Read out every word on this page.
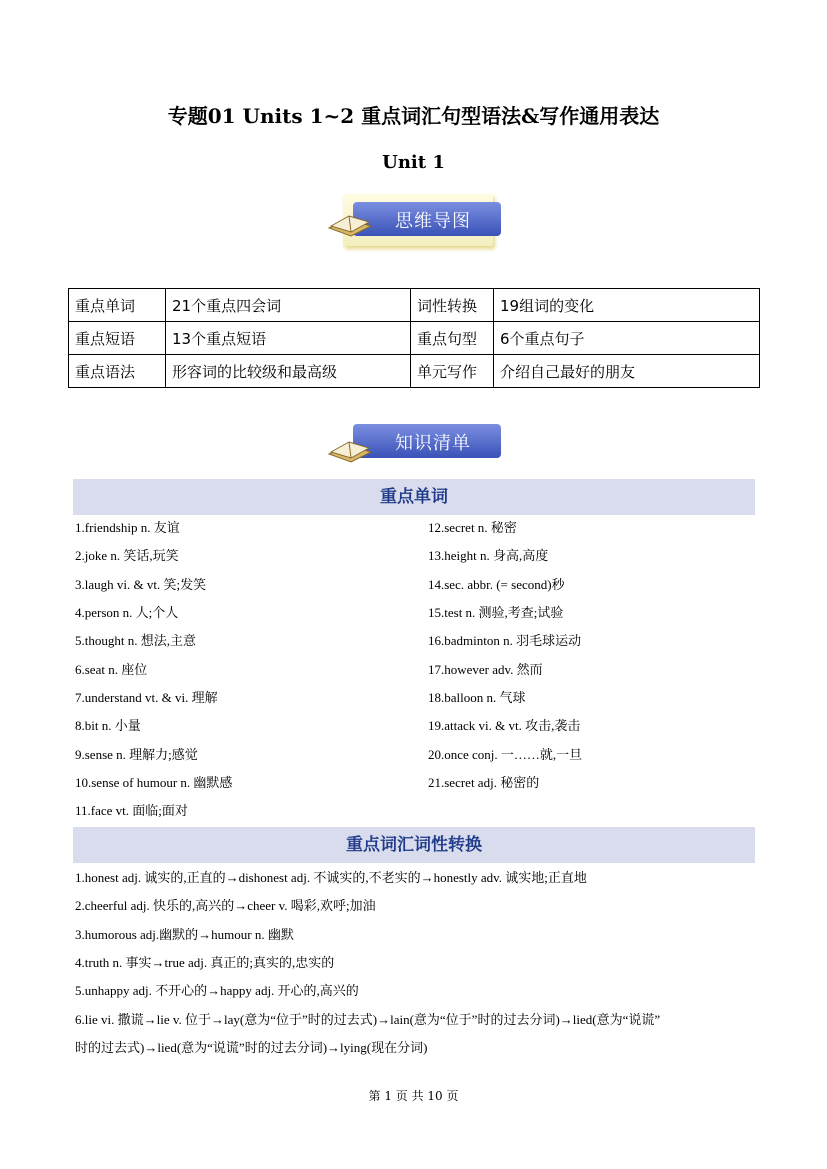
专题01 Units 1~2 重点词汇句型语法&写作通用表达
Unit 1
思维导图
重点单词	21个重点四会词	词性转换	19组词的变化
重点短语	13个重点短语	重点句型	6个重点句子
重点语法	形容词的比较级和最高级	单元写作	介绍自己最好的朋友
知识清单
重点单词
1.friendship n. 友谊
2.joke n. 笑话,玩笑
3.laugh vi. & vt. 笑;发笑
4.person n. 人;个人
5.thought n. 想法,主意
6.seat n. 座位
7.understand vt. & vi. 理解
8.bit n. 小量
9.sense n. 理解力;感觉
10.sense of humour n. 幽默感
11.face vt. 面临;面对
12.secret n. 秘密
13.height n. 身高,高度
14.sec. abbr. (= second)秒
15.test n. 测验,考查;试验
16.badminton n. 羽毛球运动
17.however adv. 然而
18.balloon n. 气球
19.attack vi. & vt. 攻击,袭击
20.once conj. 一……就,一旦
21.secret adj. 秘密的
重点词汇词性转换
1.honest adj. 诚实的,正直的→dishonest adj. 不诚实的,不老实的→honestly adv. 诚实地;正直地
2.cheerful adj. 快乐的,高兴的→cheer v. 喝彩,欢呼;加油
3.humorous adj.幽默的→humour n. 幽默
4.truth n. 事实→true adj. 真正的;真实的,忠实的
5.unhappy adj. 不开心的→happy adj. 开心的,高兴的
6.lie vi. 撒谎→lie v. 位于→lay(意为“位于”时的过去式)→lain(意为“位于”时的过去分词)→lied(意为“说谎”
时的过去式)→lied(意为“说谎”时的过去分词)→lying(现在分词)
第 1 页 共 10 页
